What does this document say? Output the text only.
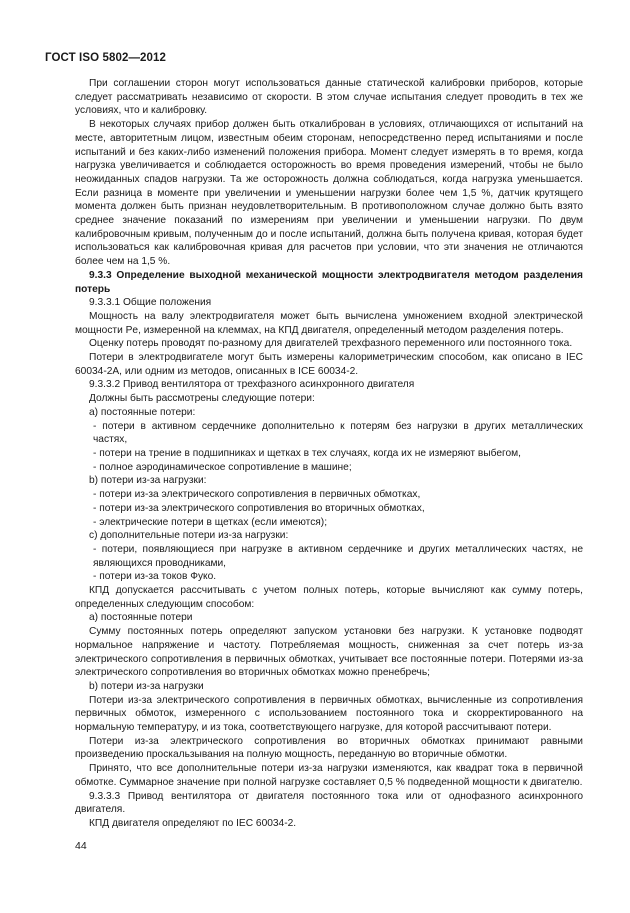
ГОСТ ISO 5802—2012

При соглашении сторон могут использоваться данные статической калибровки приборов, которые следует рассматривать независимо от скорости. В этом случае испытания следует проводить в тех же условиях, что и калибровку.

В некоторых случаях прибор должен быть откалиброван в условиях, отличающихся от испытаний на месте, авторитетным лицом, известным обеим сторонам, непосредственно перед испытаниями и после испытаний и без каких-либо изменений положения прибора. Момент следует измерять в то время, когда нагрузка увеличивается и соблюдается осторожность во время проведения измерений, чтобы не было неожиданных спадов нагрузки. Та же осторожность должна соблюдаться, когда нагрузка уменьшается. Если разница в моменте при увеличении и уменьшении нагрузки более чем 1,5 %, датчик крутящего момента должен быть признан неудовлетворительным. В противоположном случае должно быть взято среднее значение показаний по измерениям при увеличении и уменьшении нагрузки. По двум калибровочным кривым, полученным до и после испытаний, должна быть получена кривая, которая будет использоваться как калибровочная кривая для расчетов при условии, что эти значения не отличаются более чем на 1,5 %.

9.3.3 Определение выходной механической мощности электродвигателя методом разделения потерь

9.3.3.1 Общие положения

Мощность на валу электродвигателя может быть вычислена умножением входной электрической мощности Pe, измеренной на клеммах, на КПД двигателя, определенный методом разделения потерь.

Оценку потерь проводят по-разному для двигателей трехфазного переменного или постоянного тока.

Потери в электродвигателе могут быть измерены калориметрическим способом, как описано в IEC 60034-2A, или одним из методов, описанных в ICE 60034-2.

9.3.3.2 Привод вентилятора от трехфазного асинхронного двигателя

Должны быть рассмотрены следующие потери:

а) постоянные потери:

- потери в активном сердечнике дополнительно к потерям без нагрузки в других металлических частях,

- потери на трение в подшипниках и щетках в тех случаях, когда их не измеряют выбегом,

- полное аэродинамическое сопротивление в машине;

b) потери из-за нагрузки:

- потери из-за электрического сопротивления в первичных обмотках,

- потери из-за электрического сопротивления во вторичных обмотках,

- электрические потери в щетках (если имеются);

с) дополнительные потери из-за нагрузки:

- потери, появляющиеся при нагрузке в активном сердечнике и других металлических частях, не являющихся проводниками,

- потери из-за токов Фуко.

КПД допускается рассчитывать с учетом полных потерь, которые вычисляют как сумму потерь, определенных следующим способом:

а) постоянные потери

Сумму постоянных потерь определяют запуском установки без нагрузки. К установке подводят нормальное напряжение и частоту. Потребляемая мощность, сниженная за счет потерь из-за электрического сопротивления в первичных обмотках, учитывает все постоянные потери. Потерями из-за электрического сопротивления во вторичных обмотках можно пренебречь;

b) потери из-за нагрузки

Потери из-за электрического сопротивления в первичных обмотках, вычисленные из сопротивления первичных обмоток, измеренного с использованием постоянного тока и скорректированного на нормальную температуру, и из тока, соответствующего нагрузке, для которой рассчитывают потери.

Потери из-за электрического сопротивления во вторичных обмотках принимают равными произведению проскальзывания на полную мощность, переданную во вторичные обмотки.

Принято, что все дополнительные потери из-за нагрузки изменяются, как квадрат тока в первичной обмотке. Суммарное значение при полной нагрузке составляет 0,5 % подведенной мощности к двигателю.

9.3.3.3 Привод вентилятора от двигателя постоянного тока или от однофазного асинхронного двигателя.

КПД двигателя определяют по IEC 60034-2.

44
